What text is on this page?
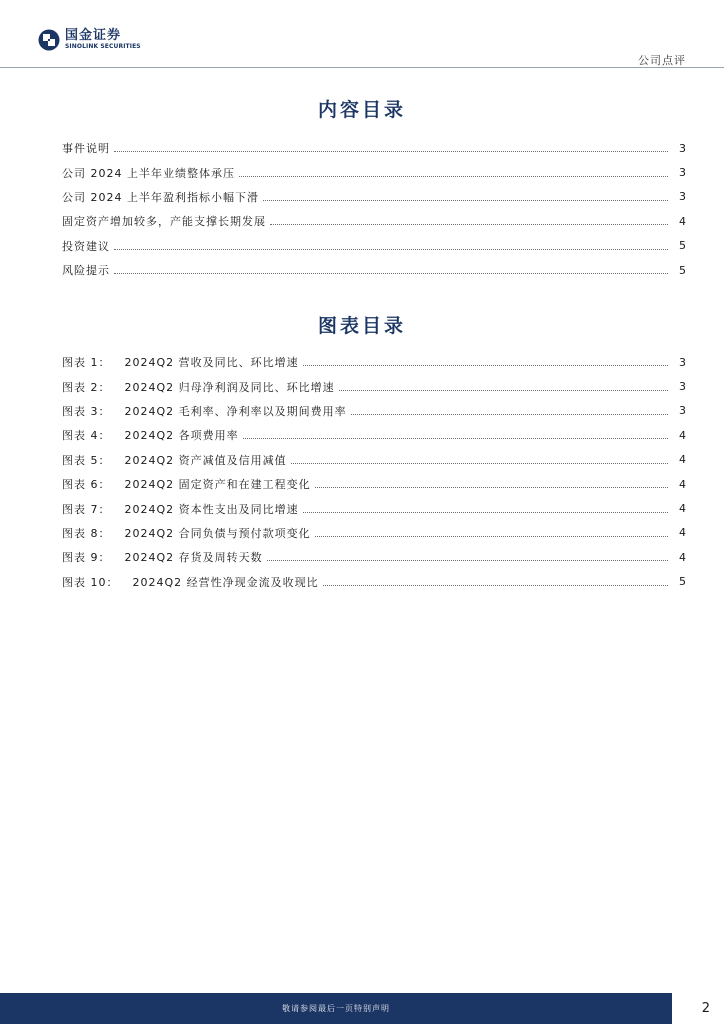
国金证券
SINOLINK SECURITIES
公司点评
内容目录
事件说明	3
公司 2024 上半年业绩整体承压	3
公司 2024 上半年盈利指标小幅下滑	3
固定资产增加较多，产能支撑长期发展	4
投资建议	5
风险提示	5
图表目录
图表 1： 2024Q2 营收及同比、环比增速	3
图表 2： 2024Q2 归母净利润及同比、环比增速	3
图表 3： 2024Q2 毛利率、净利率以及期间费用率	3
图表 4： 2024Q2 各项费用率	4
图表 5： 2024Q2 资产减值及信用减值	4
图表 6： 2024Q2 固定资产和在建工程变化	4
图表 7： 2024Q2 资本性支出及同比增速	4
图表 8： 2024Q2 合同负债与预付款项变化	4
图表 9： 2024Q2 存货及周转天数	4
图表 10： 2024Q2 经营性净现金流及收现比	5
敬请参阅最后一页特别声明	2
